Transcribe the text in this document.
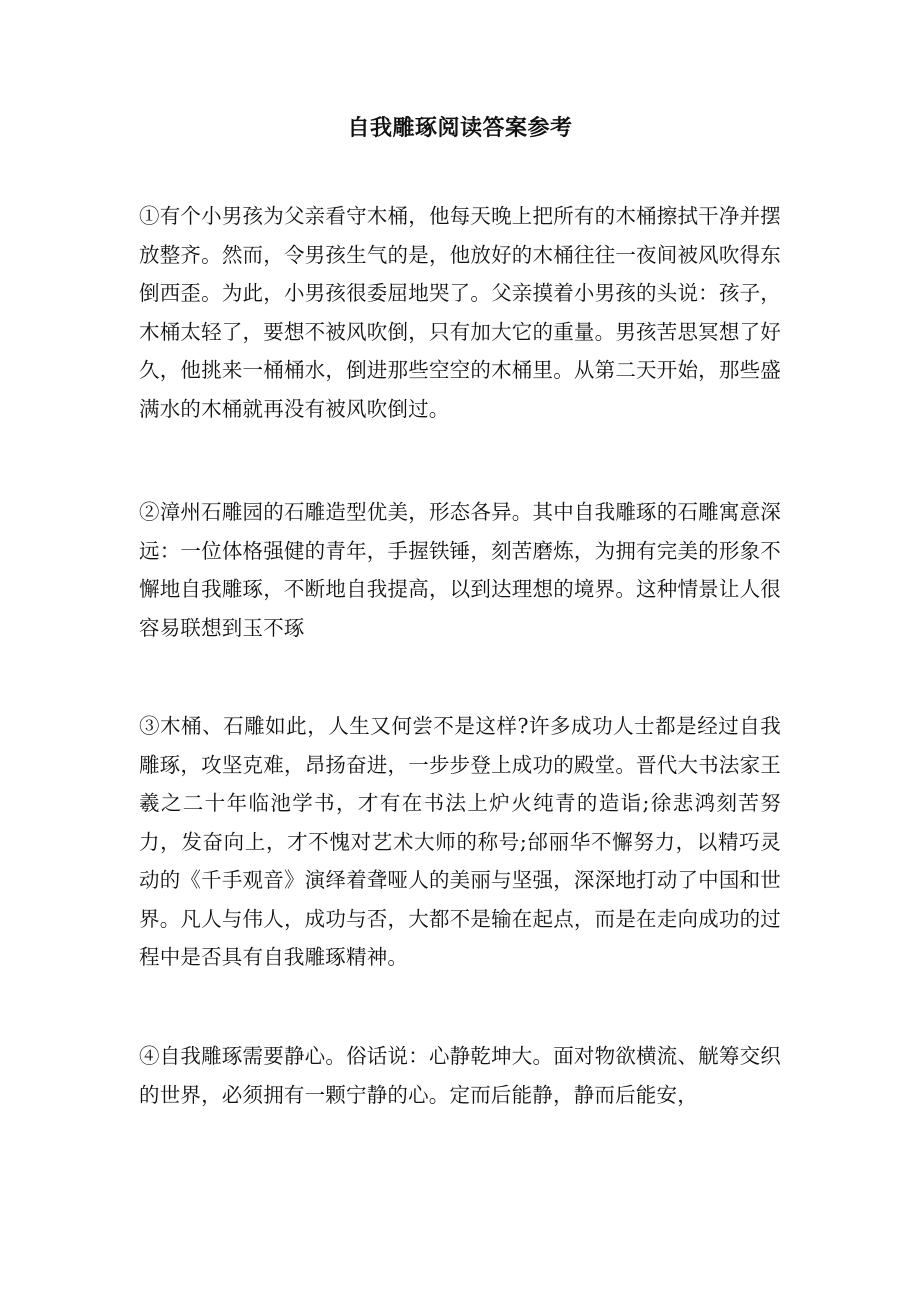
自我雕琢阅读答案参考

①有个小男孩为父亲看守木桶，他每天晚上把所有的木桶擦拭干净并摆放整齐。然而，令男孩生气的是，他放好的木桶往往一夜间被风吹得东倒西歪。为此，小男孩很委屈地哭了。父亲摸着小男孩的头说：孩子，木桶太轻了，要想不被风吹倒，只有加大它的重量。男孩苦思冥想了好久，他挑来一桶桶水，倒进那些空空的木桶里。从第二天开始，那些盛满水的木桶就再没有被风吹倒过。

②漳州石雕园的石雕造型优美，形态各异。其中自我雕琢的石雕寓意深远：一位体格强健的青年，手握铁锤，刻苦磨炼，为拥有完美的形象不懈地自我雕琢，不断地自我提高，以到达理想的境界。这种情景让人很容易联想到玉不琢

③木桶、石雕如此，人生又何尝不是这样?许多成功人士都是经过自我雕琢，攻坚克难，昂扬奋进，一步步登上成功的殿堂。晋代大书法家王羲之二十年临池学书，才有在书法上炉火纯青的造诣;徐悲鸿刻苦努力，发奋向上，才不愧对艺术大师的称号;邰丽华不懈努力，以精巧灵动的《千手观音》演绎着聋哑人的美丽与坚强，深深地打动了中国和世界。凡人与伟人，成功与否，大都不是输在起点，而是在走向成功的过程中是否具有自我雕琢精神。

④自我雕琢需要静心。俗话说：心静乾坤大。面对物欲横流、觥筹交织的世界，必须拥有一颗宁静的心。定而后能静，静而后能安，
